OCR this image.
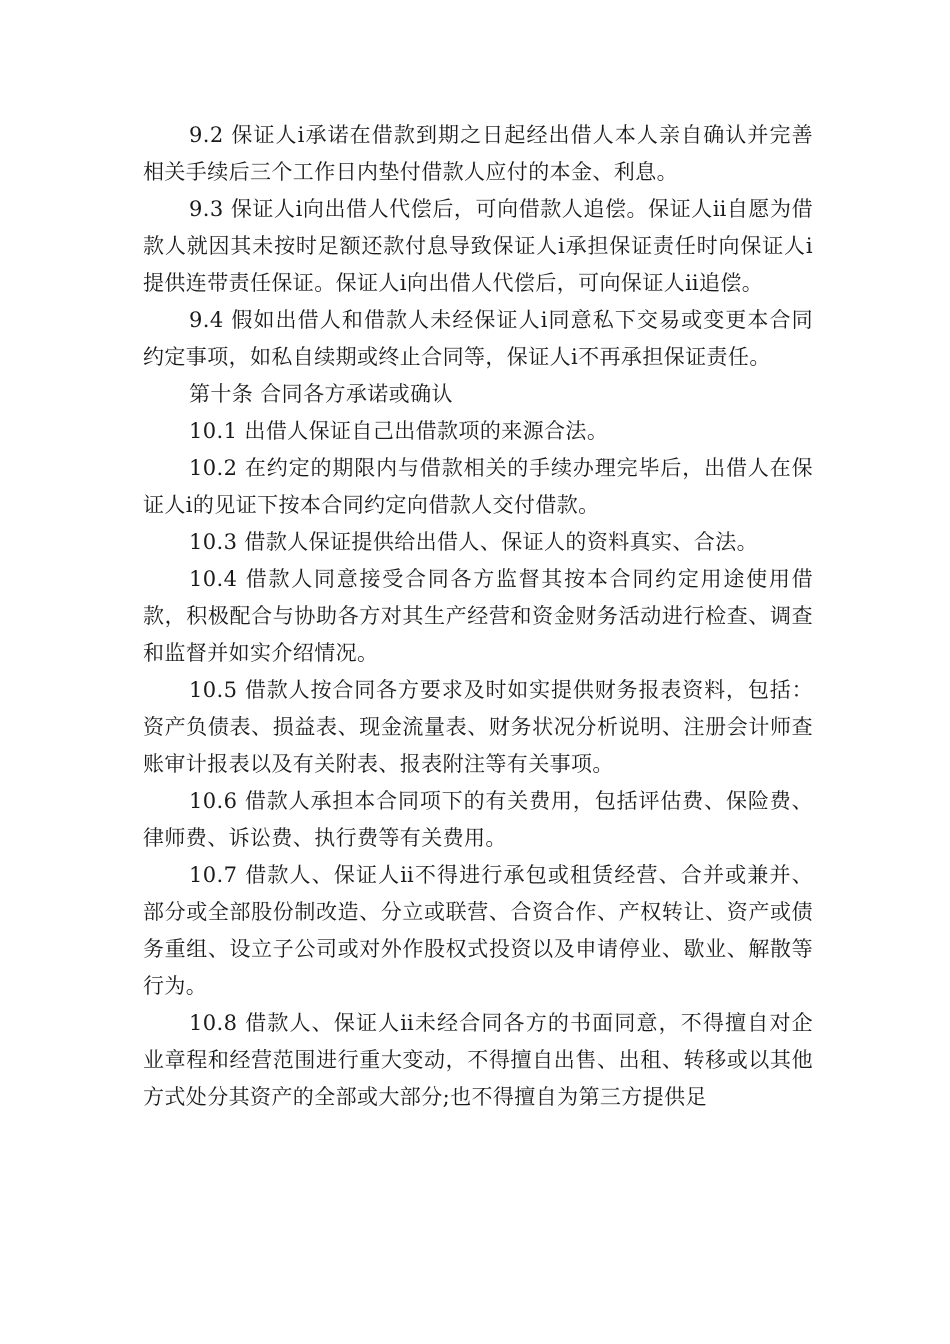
9.2 保证人ⅰ承诺在借款到期之日起经出借人本人亲自确认并完善相关手续后三个工作日内垫付借款人应付的本金、利息。

9.3 保证人ⅰ向出借人代偿后，可向借款人追偿。保证人ⅱ自愿为借款人就因其未按时足额还款付息导致保证人ⅰ承担保证责任时向保证人ⅰ提供连带责任保证。保证人ⅰ向出借人代偿后，可向保证人ⅱ追偿。

9.4 假如出借人和借款人未经保证人ⅰ同意私下交易或变更本合同约定事项，如私自续期或终止合同等，保证人ⅰ不再承担保证责任。

第十条 合同各方承诺或确认

10.1 出借人保证自己出借款项的来源合法。

10.2 在约定的期限内与借款相关的手续办理完毕后，出借人在保证人ⅰ的见证下按本合同约定向借款人交付借款。

10.3 借款人保证提供给出借人、保证人的资料真实、合法。

10.4 借款人同意接受合同各方监督其按本合同约定用途使用借款，积极配合与协助各方对其生产经营和资金财务活动进行检查、调查和监督并如实介绍情况。

10.5 借款人按合同各方要求及时如实提供财务报表资料，包括：资产负债表、损益表、现金流量表、财务状况分析说明、注册会计师查账审计报表以及有关附表、报表附注等有关事项。

10.6 借款人承担本合同项下的有关费用，包括评估费、保险费、律师费、诉讼费、执行费等有关费用。

10.7 借款人、保证人ⅱ不得进行承包或租赁经营、合并或兼并、部分或全部股份制改造、分立或联营、合资合作、产权转让、资产或债务重组、设立子公司或对外作股权式投资以及申请停业、歇业、解散等行为。

10.8 借款人、保证人ⅱ未经合同各方的书面同意，不得擅自对企业章程和经营范围进行重大变动，不得擅自出售、出租、转移或以其他方式处分其资产的全部或大部分;也不得擅自为第三方提供足
